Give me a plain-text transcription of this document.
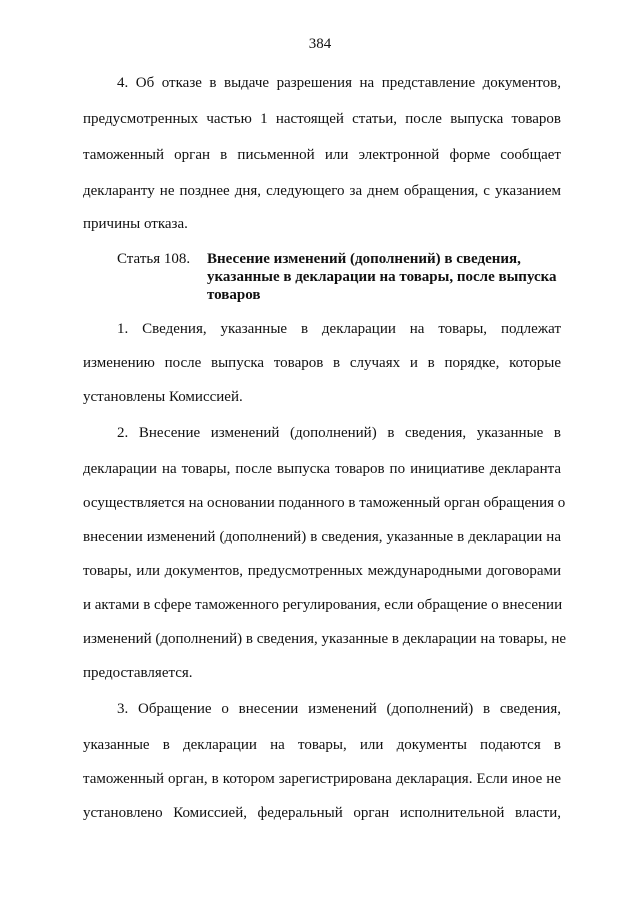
384
4. Об отказе в выдаче разрешения на представление документов,
предусмотренных частью 1 настоящей статьи, после выпуска товаров
таможенный орган в письменной или электронной форме сообщает
декларанту не позднее дня, следующего за днем обращения, с указанием
причины отказа.
Статья 108. Внесение изменений (дополнений) в сведения,
указанные в декларации на товары, после выпуска
товаров
1. Сведения, указанные в декларации на товары, подлежат
изменению после выпуска товаров в случаях и в порядке, которые
установлены Комиссией.
2. Внесение изменений (дополнений) в сведения, указанные в
декларации на товары, после выпуска товаров по инициативе декларанта
осуществляется на основании поданного в таможенный орган обращения о
внесении изменений (дополнений) в сведения, указанные в декларации на
товары, или документов, предусмотренных международными договорами
и актами в сфере таможенного регулирования, если обращение о внесении
изменений (дополнений) в сведения, указанные в декларации на товары, не
предоставляется.
3. Обращение о внесении изменений (дополнений) в сведения,
указанные в декларации на товары, или документы подаются в
таможенный орган, в котором зарегистрирована декларация. Если иное не
установлено Комиссией, федеральный орган исполнительной власти,
